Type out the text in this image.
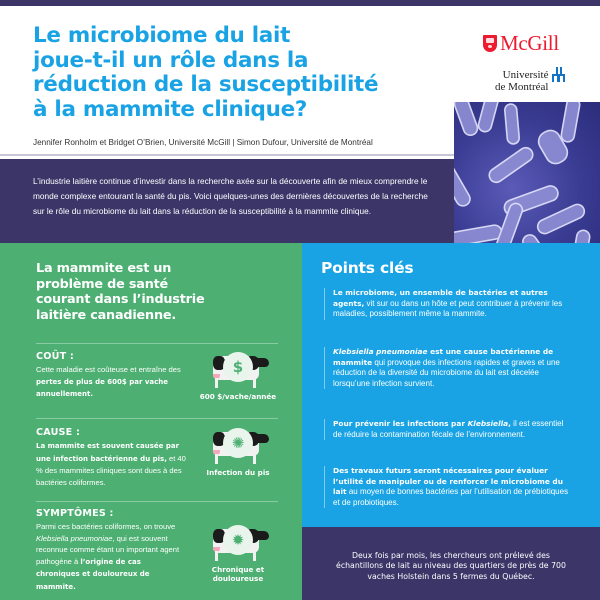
Le microbiome du lait
joue-t-il un rôle dans la
réduction de la susceptibilité
à la mammite clinique?
Jennifer Ronholm et Bridget O’Brien, Université McGill | Simon Dufour, Université de Montréal
McGill
Université
de Montréal

L’industrie laitière continue d’investir dans la recherche axée sur la découverte afin de mieux comprendre le monde complexe entourant la santé du pis. Voici quelques-unes des dernières découvertes de la recherche sur le rôle du microbiome du lait dans la réduction de la susceptibilité à la mammite clinique.

La mammite est un
problème de santé
courant dans l’industrie
laitière canadienne.
COÛT :
Cette maladie est coûteuse et entraîne des pertes de plus de 600$ par vache annuellement.
$
600 $/vache/année
CAUSE :
La mammite est souvent causée par une infection bactérienne du pis, et 40 % des mammites cliniques sont dues à des bactéries coliformes.
✺
Infection du pis
SYMPTÔMES :
Parmi ces bactéries coliformes, on trouve Klebsiella pneumoniae, qui est souvent reconnue comme étant un important agent pathogène à l’origine de cas chroniques et douloureux de mammite.
✹
Chronique et douloureuse
Points clés

Le microbiome, un ensemble de bactéries et autres agents, vit sur ou dans un hôte et peut contribuer à prévenir les maladies, possiblement même la mammite.

Klebsiella pneumoniae est une cause bactérienne de mammite qui provoque des infections rapides et graves et une réduction de la diversité du microbiome du lait est décelée lorsqu’une infection survient.

Pour prévenir les infections par Klebsiella, il est essentiel de réduire la contamination fécale de l’environnement.

Des travaux futurs seront nécessaires pour évaluer l’utilité de manipuler ou de renforcer le microbiome du lait au moyen de bonnes bactéries par l’utilisation de prébiotiques et de probiotiques.

Deux fois par mois, les chercheurs ont prélevé des échantillons de lait au niveau des quartiers de près de 700 vaches Holstein dans 5 fermes du Québec.
